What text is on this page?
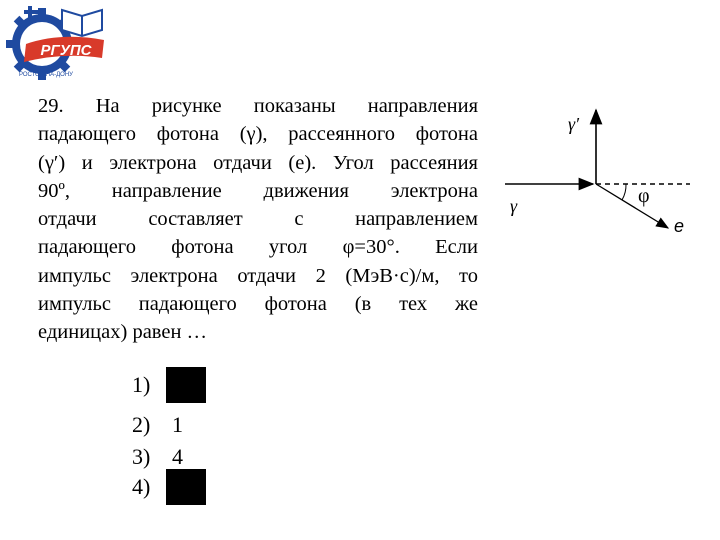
РГУПС
РОСТОВ-НА-ДОНУ
29. На рисунке показаны направления
падающего фотона (γ), рассеянного фотона
(γ′) и электрона отдачи (е). Угол рассеяния
90º, направление движения электрона
отдачи составляет с направлением
падающего фотона угол φ=30°. Если
импульс электрона отдачи 2 (МэВ·с)/м, то
импульс падающего фотона (в тех же
единицах) равен …
1)
2) 1
3) 4
4)
γ′
γ	φ
e
